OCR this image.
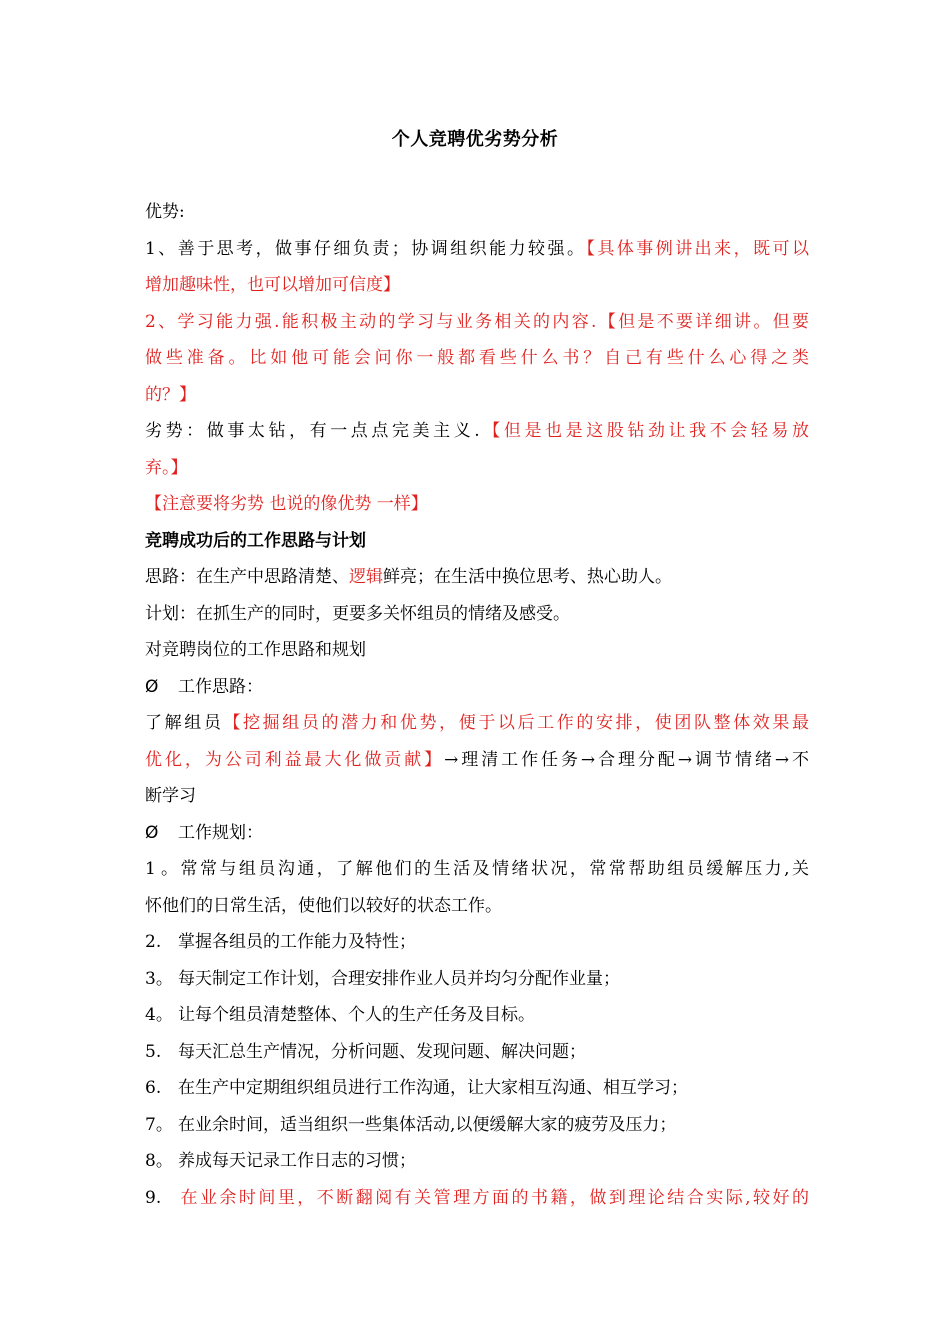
个人竞聘优劣势分析
优势:
1、善于思考，做事仔细负责；协调组织能力较强。【具体事例讲出来，既可以
增加趣味性，也可以增加可信度】
2、学习能力强.能积极主动的学习与业务相关的内容.【但是不要详细讲。但要
做些准备。比如他可能会问你一般都看些什么书？自己有些什么心得之类
的？】
劣势：做事太钻，有一点点完美主义.【但是也是这股钻劲让我不会轻易放
弃。】
【注意要将劣势 也说的像优势 一样】
竞聘成功后的工作思路与计划
思路：在生产中思路清楚、逻辑鲜亮；在生活中换位思考、热心助人。
计划：在抓生产的同时，更要多关怀组员的情绪及感受。
对竞聘岗位的工作思路和规划
Ø 工作思路：
了解组员【挖掘组员的潜力和优势，便于以后工作的安排，使团队整体效果最
优化，为公司利益最大化做贡献】→理清工作任务→合理分配→调节情绪→不
断学习
Ø 工作规划：
1。常常与组员沟通，了解他们的生活及情绪状况，常常帮助组员缓解压力,关
怀他们的日常生活，使他们以较好的状态工作。
2. 掌握各组员的工作能力及特性；
3。 每天制定工作计划，合理安排作业人员并均匀分配作业量；
4。 让每个组员清楚整体、个人的生产任务及目标。
5. 每天汇总生产情况，分析问题、发现问题、解决问题；
6. 在生产中定期组织组员进行工作沟通，让大家相互沟通、相互学习；
7。 在业余时间，适当组织一些集体活动,以便缓解大家的疲劳及压力；
8。 养成每天记录工作日志的习惯；
9. 在业余时间里，不断翻阅有关管理方面的书籍，做到理论结合实际,较好的
